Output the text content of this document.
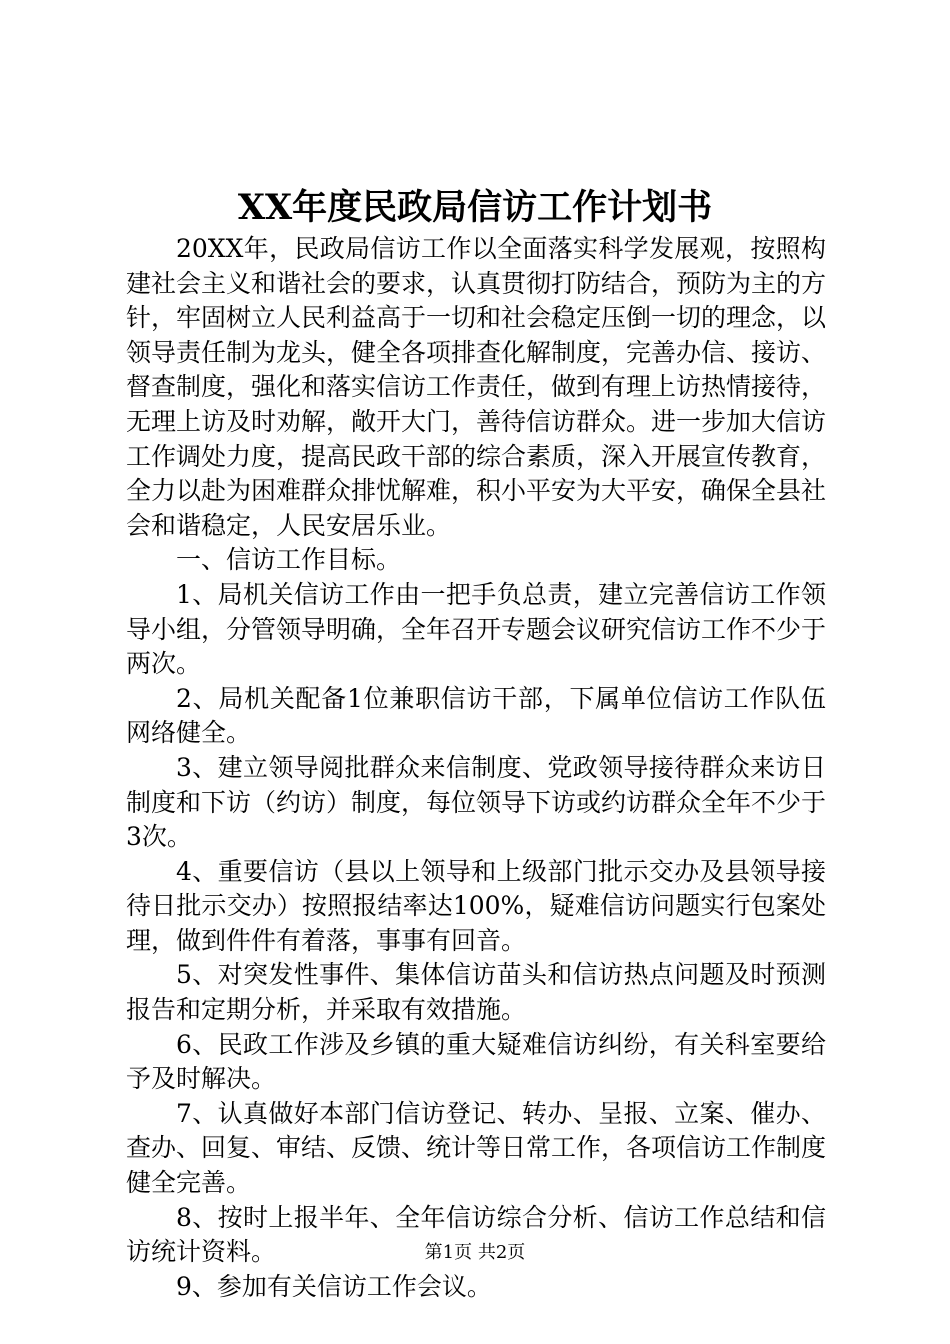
XX年度民政局信访工作计划书

20XX年，民政局信访工作以全面落实科学发展观，按照构建社会主义和谐社会的要求，认真贯彻打防结合，预防为主的方针，牢固树立人民利益高于一切和社会稳定压倒一切的理念，以领导责任制为龙头，健全各项排查化解制度，完善办信、接访、督查制度，强化和落实信访工作责任，做到有理上访热情接待，无理上访及时劝解，敞开大门，善待信访群众。进一步加大信访工作调处力度，提高民政干部的综合素质，深入开展宣传教育，全力以赴为困难群众排忧解难，积小平安为大平安，确保全县社会和谐稳定，人民安居乐业。

一、信访工作目标。

1、局机关信访工作由一把手负总责，建立完善信访工作领导小组，分管领导明确，全年召开专题会议研究信访工作不少于两次。

2、局机关配备1位兼职信访干部，下属单位信访工作队伍网络健全。

3、建立领导阅批群众来信制度、党政领导接待群众来访日制度和下访（约访）制度，每位领导下访或约访群众全年不少于3次。

4、重要信访（县以上领导和上级部门批示交办及县领导接待日批示交办）按照报结率达100%，疑难信访问题实行包案处理，做到件件有着落，事事有回音。

5、对突发性事件、集体信访苗头和信访热点问题及时预测报告和定期分析，并采取有效措施。

6、民政工作涉及乡镇的重大疑难信访纠纷，有关科室要给予及时解决。

7、认真做好本部门信访登记、转办、呈报、立案、催办、查办、回复、审结、反馈、统计等日常工作，各项信访工作制度健全完善。

8、按时上报半年、全年信访综合分析、信访工作总结和信访统计资料。

9、参加有关信访工作会议。

第1页 共2页
